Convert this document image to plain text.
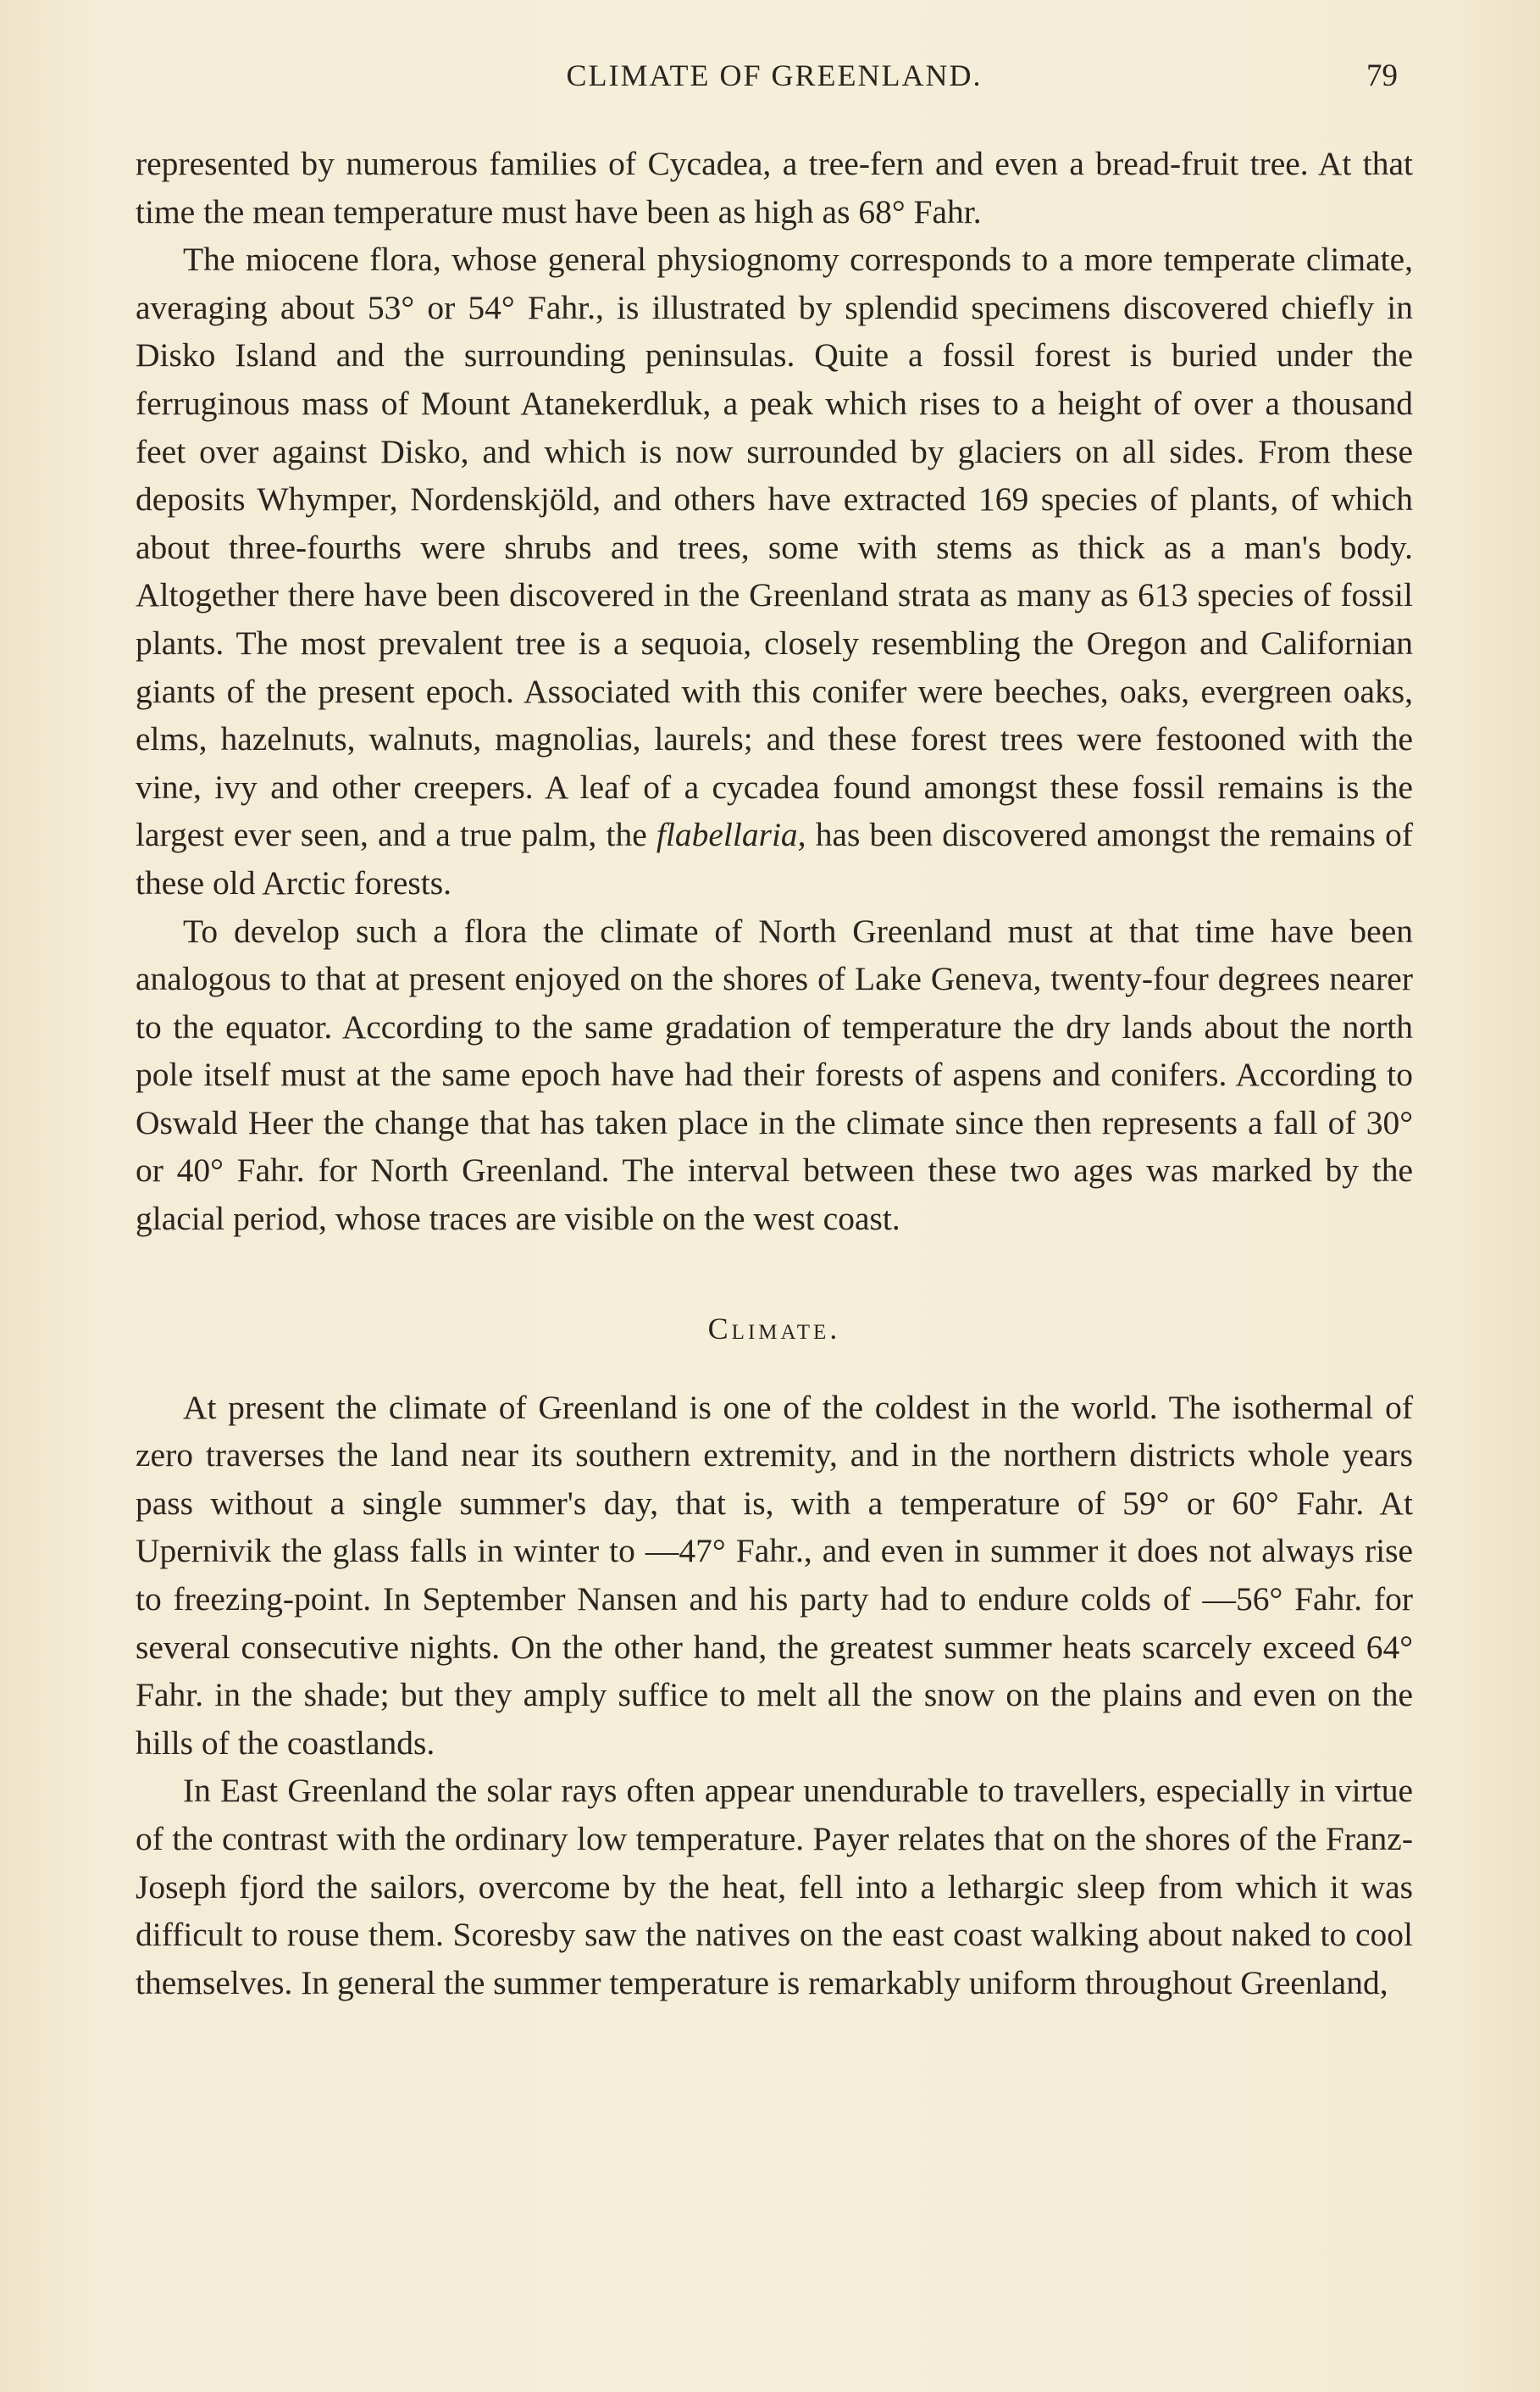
CLIMATE OF GREENLAND.	79

represented by numerous families of Cycadea, a tree-fern and even a bread-fruit tree. At that time the mean temperature must have been as high as 68° Fahr.

The miocene flora, whose general physiognomy corresponds to a more temperate climate, averaging about 53° or 54° Fahr., is illustrated by splendid specimens discovered chiefly in Disko Island and the surrounding peninsulas. Quite a fossil forest is buried under the ferruginous mass of Mount Atanekerdluk, a peak which rises to a height of over a thousand feet over against Disko, and which is now surrounded by glaciers on all sides. From these deposits Whymper, Nordenskjöld, and others have extracted 169 species of plants, of which about three-fourths were shrubs and trees, some with stems as thick as a man's body. Altogether there have been discovered in the Greenland strata as many as 613 species of fossil plants. The most prevalent tree is a sequoia, closely resembling the Oregon and Californian giants of the present epoch. Associated with this conifer were beeches, oaks, evergreen oaks, elms, hazelnuts, walnuts, magnolias, laurels; and these forest trees were festooned with the vine, ivy and other creepers. A leaf of a cycadea found amongst these fossil remains is the largest ever seen, and a true palm, the flabellaria, has been discovered amongst the remains of these old Arctic forests.

To develop such a flora the climate of North Greenland must at that time have been analogous to that at present enjoyed on the shores of Lake Geneva, twenty-four degrees nearer to the equator. According to the same gradation of temperature the dry lands about the north pole itself must at the same epoch have had their forests of aspens and conifers. According to Oswald Heer the change that has taken place in the climate since then represents a fall of 30° or 40° Fahr. for North Greenland. The interval between these two ages was marked by the glacial period, whose traces are visible on the west coast.

Climate.

At present the climate of Greenland is one of the coldest in the world. The isothermal of zero traverses the land near its southern extremity, and in the northern districts whole years pass without a single summer's day, that is, with a temperature of 59° or 60° Fahr. At Upernivik the glass falls in winter to —47° Fahr., and even in summer it does not always rise to freezing-point. In September Nansen and his party had to endure colds of —56° Fahr. for several consecutive nights. On the other hand, the greatest summer heats scarcely exceed 64° Fahr. in the shade; but they amply suffice to melt all the snow on the plains and even on the hills of the coastlands.

In East Greenland the solar rays often appear unendurable to travellers, especially in virtue of the contrast with the ordinary low temperature. Payer relates that on the shores of the Franz-Joseph fjord the sailors, overcome by the heat, fell into a lethargic sleep from which it was difficult to rouse them. Scoresby saw the natives on the east coast walking about naked to cool themselves. In general the summer temperature is remarkably uniform throughout Greenland,
